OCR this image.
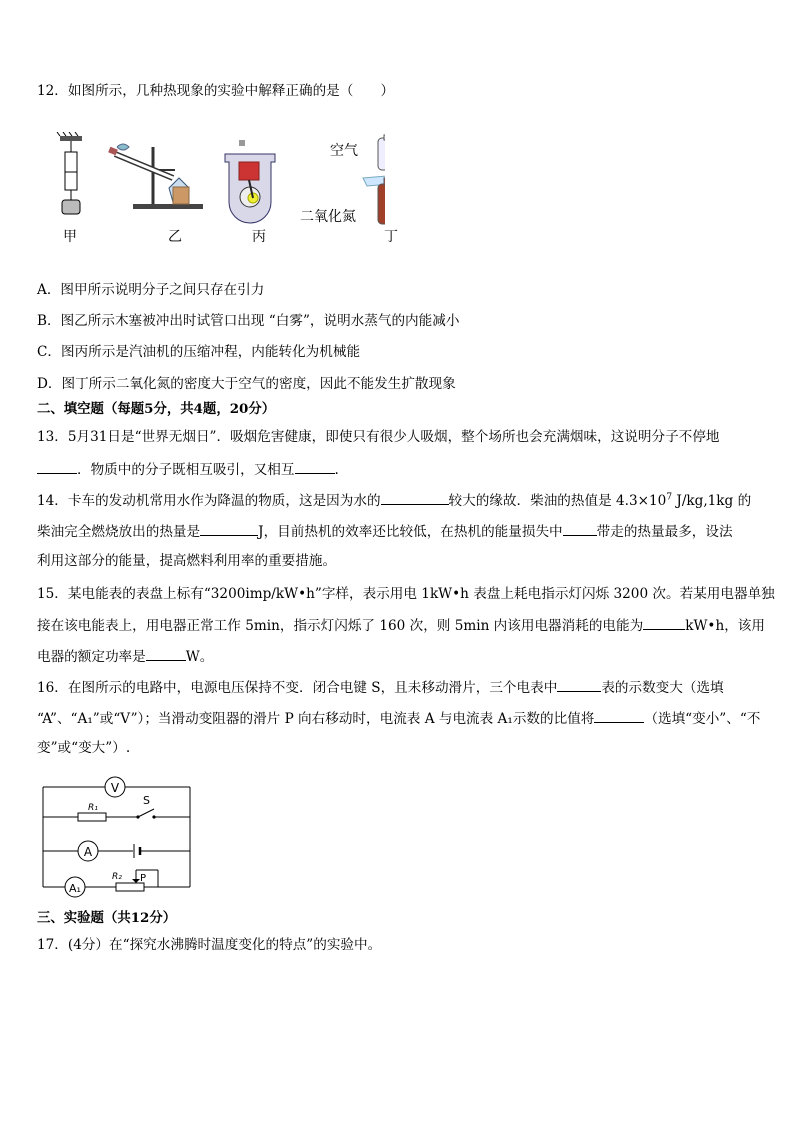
12．如图所示，几种热现象的实验中解释正确的是（　　）
空气
二氧化氮
甲	乙	丙	丁
A．图甲所示说明分子之间只存在引力
B．图乙所示木塞被冲出时试管口出现 “白雾”，说明水蒸气的内能减小
C．图丙所示是汽油机的压缩冲程，内能转化为机械能
D．图丁所示二氧化氮的密度大于空气的密度，因此不能发生扩散现象
二、填空题（每题5分，共4题，20分）
13．5月31日是“世界无烟日”．吸烟危害健康，即使只有很少人吸烟，整个场所也会充满烟味，这说明分子不停地
．物质中的分子既相互吸引，又相互	.
14．卡车的发动机常用水作为降温的物质，这是因为水的	较大的缘故．柴油的热值是 $4.3\times 10^7$ J/kg,1kg 的
柴油完全燃烧放出的热量是	J，目前热机的效率还比较低，在热机的能量损失中	带走的热量最多，设法
利用这部分的能量，提高燃料利用率的重要措施。
15．某电能表的表盘上标有“3200imp/kW•h”字样，表示用电 1kW•h 表盘上耗电指示灯闪烁 3200 次。若某用电器单独
接在该电能表上，用电器正常工作 5min，指示灯闪烁了 160 次，则 5min 内该用电器消耗的电能为	kW•h，该用
电器的额定功率是	W。
16．在图所示的电路中，电源电压保持不变．闭合电键 S，且未移动滑片，三个电表中	表的示数变大（选填
“A”、“A₁”或“V”）；当滑动变阻器的滑片 P 向右移动时，电流表 A 与电流表 A₁示数的比值将	（选填“变小”、“不
变”或“变大”）.
V
A
A₁
R₁
S
R₂ P
三、实验题（共12分）
17．(4分）在“探究水沸腾时温度变化的特点”的实验中。
